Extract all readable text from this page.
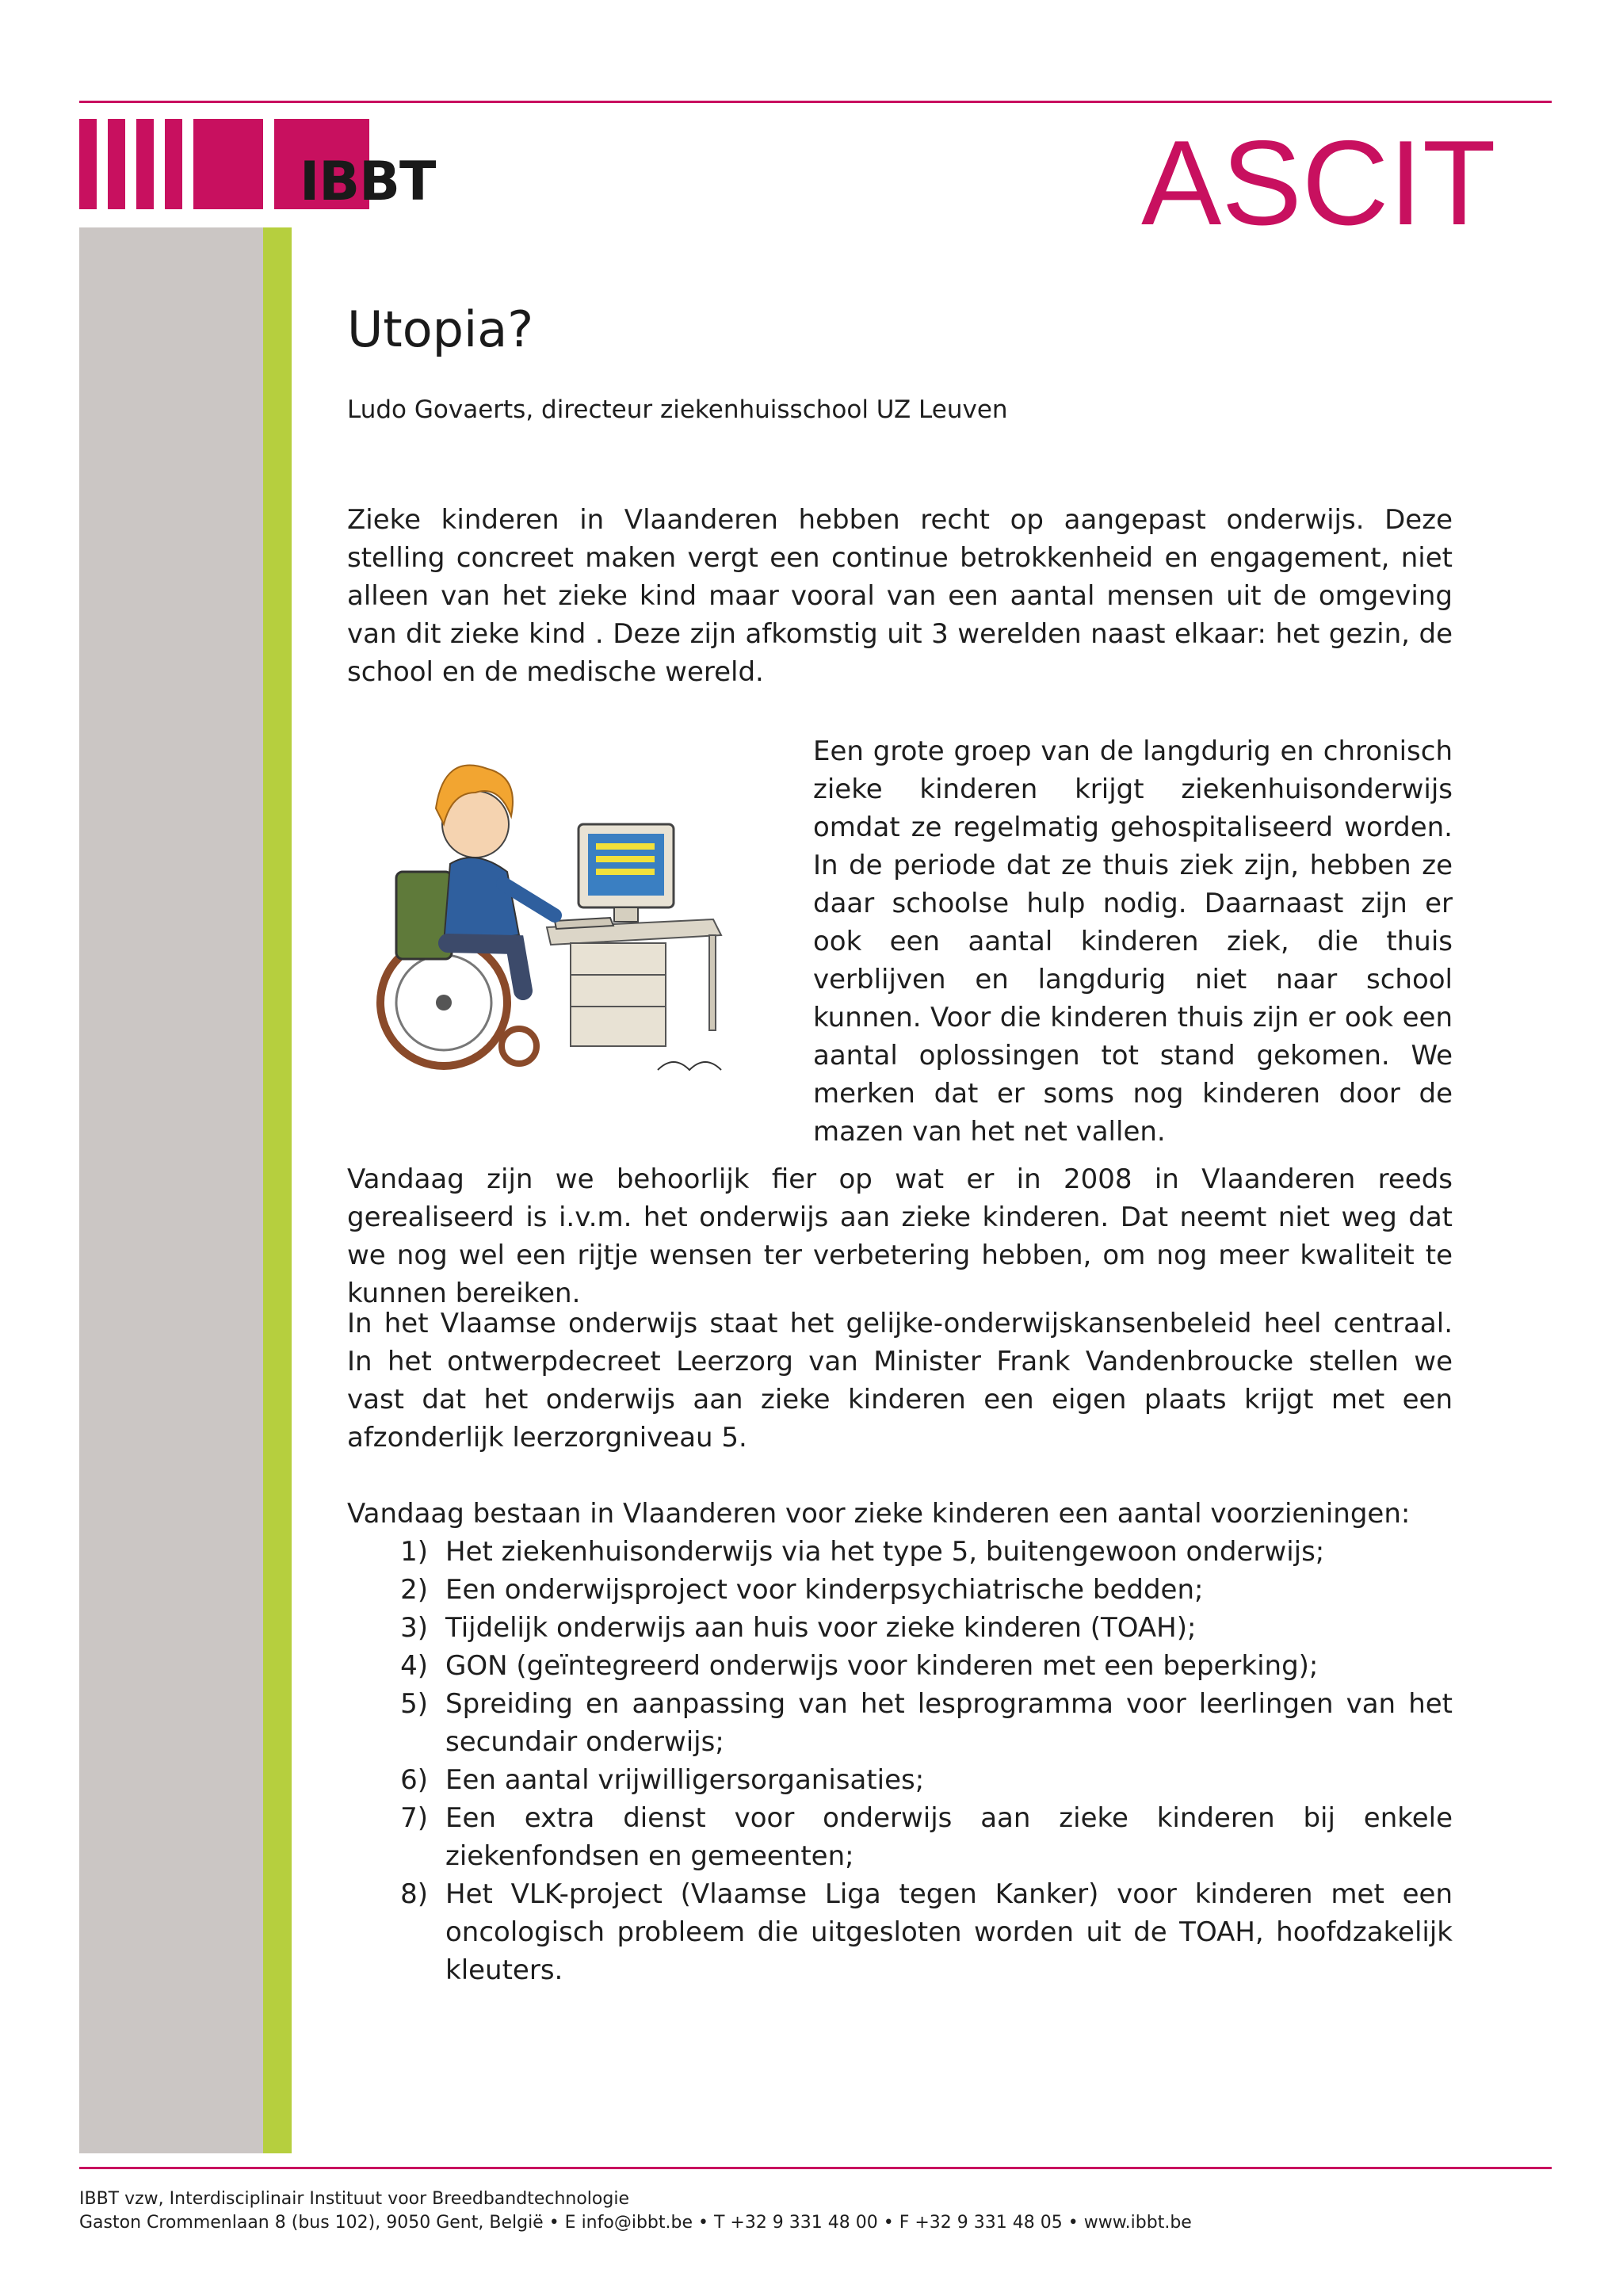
IBBT	ASCIT
Utopia?
Ludo Govaerts, directeur ziekenhuisschool UZ Leuven

Zieke kinderen in Vlaanderen hebben recht op aangepast onderwijs. Deze stelling concreet maken vergt een continue betrokkenheid en engagement, niet alleen van het zieke kind maar vooral van een aantal mensen uit de omgeving van dit zieke kind . Deze zijn afkomstig uit 3 werelden naast elkaar: het gezin, de school en de medische wereld.

Een grote groep van de langdurig en chronisch zieke kinderen krijgt ziekenhuisonderwijs omdat ze regelmatig gehospitaliseerd worden. In de periode dat ze thuis ziek zijn, hebben ze daar schoolse hulp nodig. Daarnaast zijn er ook een aantal kinderen ziek, die thuis verblijven en langdurig niet naar school kunnen. Voor die kinderen thuis zijn er ook een aantal oplossingen tot stand gekomen. We merken dat er soms nog kinderen door de mazen van het net vallen.

Vandaag zijn we behoorlijk fier op wat er in 2008 in Vlaanderen reeds gerealiseerd is i.v.m. het onderwijs aan zieke kinderen. Dat neemt niet weg dat we nog wel een rijtje wensen ter verbetering hebben, om nog meer kwaliteit te kunnen bereiken.

In het Vlaamse onderwijs staat het gelijke-onderwijskansenbeleid heel centraal. In het ontwerpdecreet Leerzorg van Minister Frank Vandenbroucke stellen we vast dat het onderwijs aan zieke kinderen een eigen plaats krijgt met een afzonderlijk leerzorgniveau 5.

Vandaag bestaan in Vlaanderen voor zieke kinderen een aantal voorzieningen:

1) Het ziekenhuisonderwijs via het type 5, buitengewoon onderwijs;
2) Een onderwijsproject voor kinderpsychiatrische bedden;
3) Tijdelijk onderwijs aan huis voor zieke kinderen (TOAH);
4) GON (geïntegreerd onderwijs voor kinderen met een beperking);
5) Spreiding en aanpassing van het lesprogramma voor leerlingen van het secundair onderwijs;
6) Een aantal vrijwilligersorganisaties;
7) Een extra dienst voor onderwijs aan zieke kinderen bij enkele ziekenfondsen en gemeenten;
8) Het VLK-project (Vlaamse Liga tegen Kanker) voor kinderen met een oncologisch probleem die uitgesloten worden uit de TOAH, hoofdzakelijk kleuters.
IBBT vzw, Interdisciplinair Instituut voor Breedbandtechnologie
Gaston Crommenlaan 8 (bus 102), 9050 Gent, België • E info@ibbt.be • T +32 9 331 48 00 • F +32 9 331 48 05 • www.ibbt.be
